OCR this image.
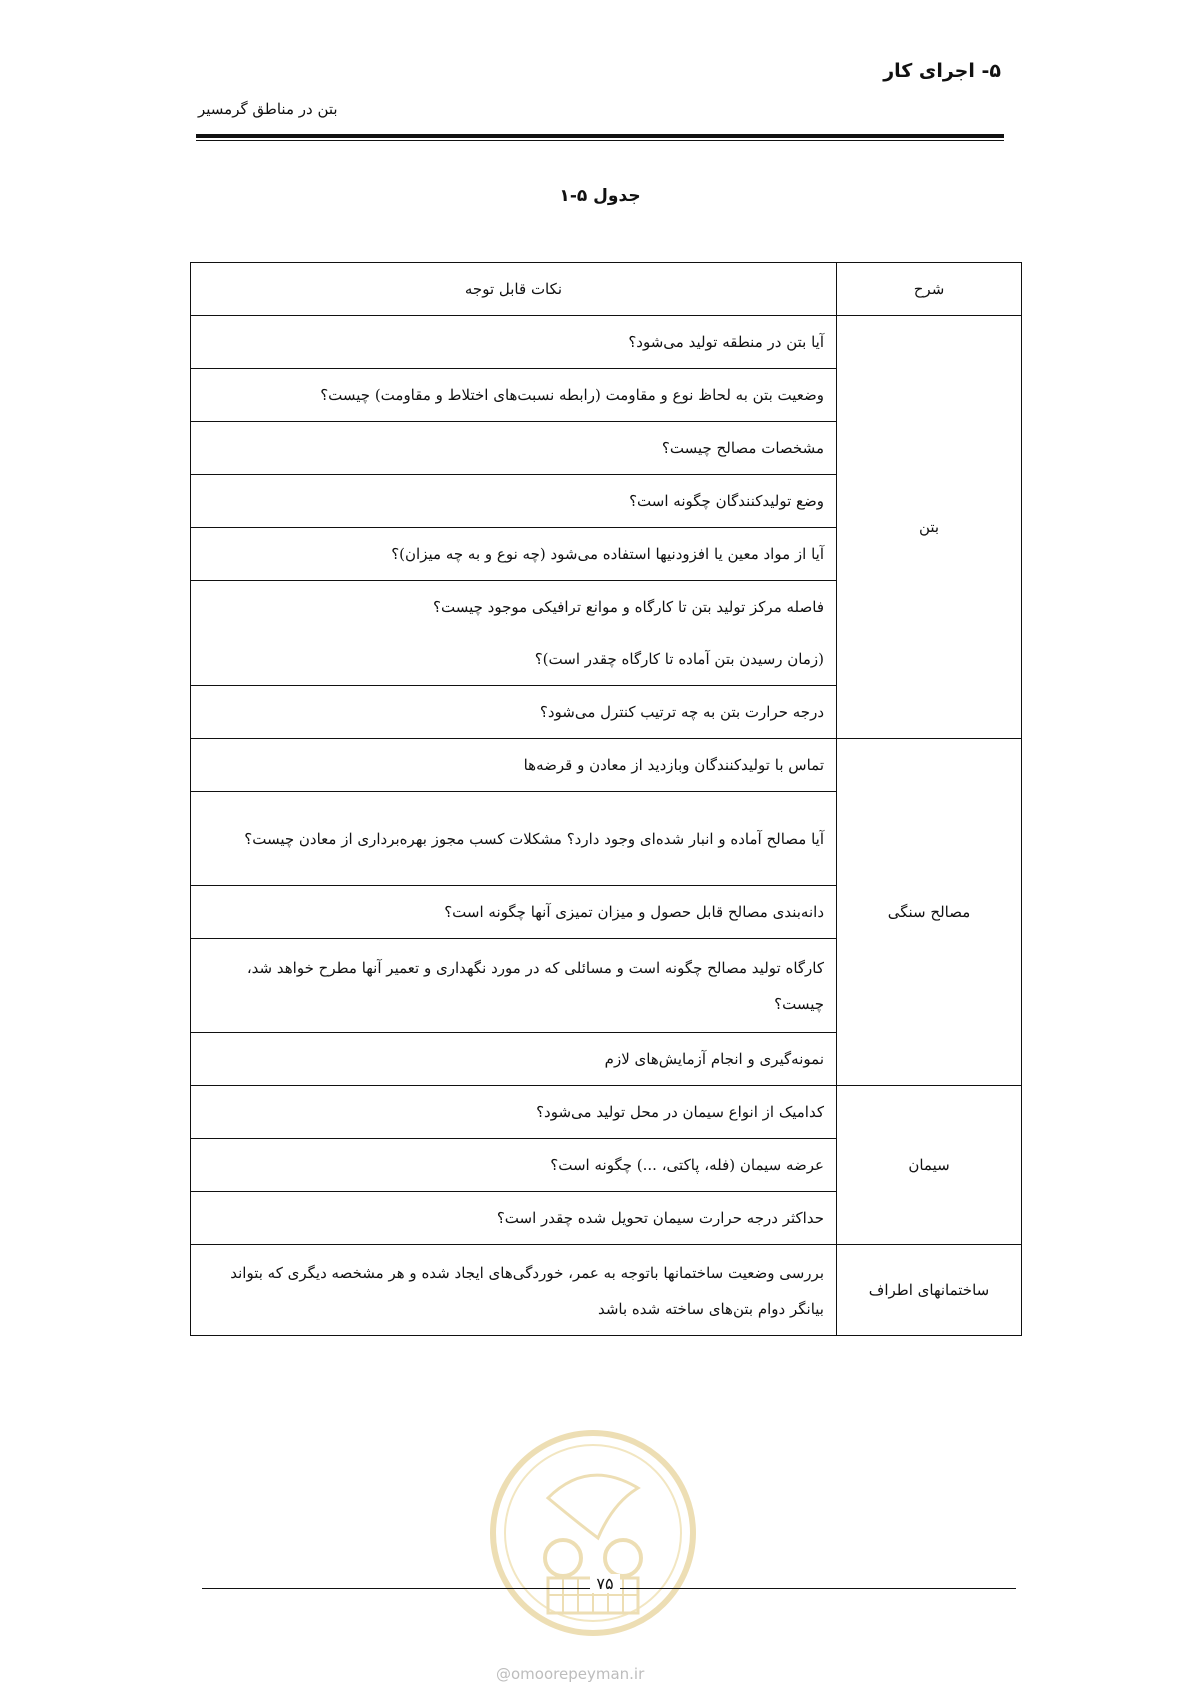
۵- اجرای کار
بتن در مناطق گرمسیر
جدول ۵-۱
شرح	نکات قابل توجه
بتن	آیا بتن در منطقه تولید می‌شود؟
	وضعیت بتن به لحاظ نوع و مقاومت (رابطه نسبت‌های اختلاط و مقاومت) چیست؟
	مشخصات مصالح چیست؟
	وضع تولیدکنندگان چگونه است؟
	آیا از مواد معین یا افزودنیها استفاده می‌شود (چه نوع و به چه میزان)؟
	فاصله مرکز تولید بتن تا کارگاه و موانع ترافیکی موجود چیست؟
	(زمان رسیدن بتن آماده تا کارگاه چقدر است)؟
	درجه حرارت بتن به چه ترتیب کنترل می‌شود؟
مصالح سنگی	تماس با تولیدکنندگان وبازدید از معادن و قرضه‌ها
	آیا مصالح آماده و انبار شده‌ای وجود دارد؟ مشکلات کسب مجوز بهره‌برداری از معادن چیست؟
	دانه‌بندی مصالح قابل حصول و میزان تمیزی آنها چگونه است؟
	کارگاه تولید مصالح چگونه است و مسائلی که در مورد نگهداری و تعمیر آنها مطرح خواهد شد، چیست؟
	نمونه‌گیری و انجام آزمایش‌های لازم
سیمان	کدامیک از انواع سیمان در محل تولید می‌شود؟
	عرضه سیمان (فله، پاکتی، ...) چگونه است؟
	حداکثر درجه حرارت سیمان تحویل شده چقدر است؟
ساختمانهای اطراف	بررسی وضعیت ساختمانها باتوجه به عمر، خوردگی‌های ایجاد شده و هر مشخصه دیگری که بتواند بیانگر دوام بتن‌های ساخته شده باشد
۷۵
@omoorepeyman.ir
